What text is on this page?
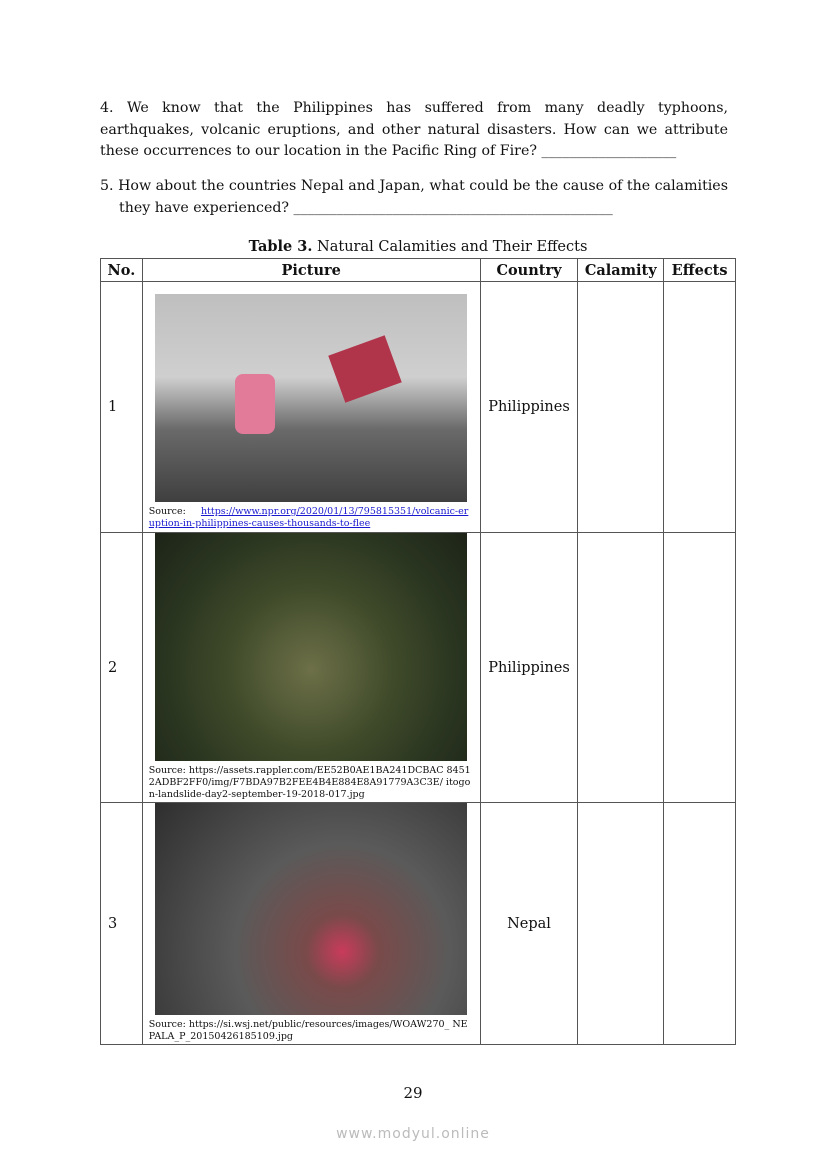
4. We know that the Philippines has suffered from many deadly typhoons, earthquakes, volcanic eruptions, and other natural disasters. How can we attribute these occurrences to our location in the Pacific Ring of Fire? ___________________

5. How about the countries Nepal and Japan, what could be the cause of the calamities they have experienced? _____________________________________________

Table 3. Natural Calamities and Their Effects
No.	Picture	Country	Calamity	Effects
1	Source: https://www.npr.org/2020/01/13/795815351/volcanic-eruption-in-philippines-causes-thousands-to-flee	Philippines		
2	Source: https://assets.rappler.com/EE52B0AE1BA241DCBAC 84512ADBF2FF0/img/F7BDA97B2FEE4B4E884E8A91779A3C3E/ itogon-landslide-day2-september-19-2018-017.jpg	Philippines		
3	Source: https://si.wsj.net/public/resources/images/WOAW270_ NEPALA_P_20150426185109.jpg	Nepal		
29
www.modyul.online
